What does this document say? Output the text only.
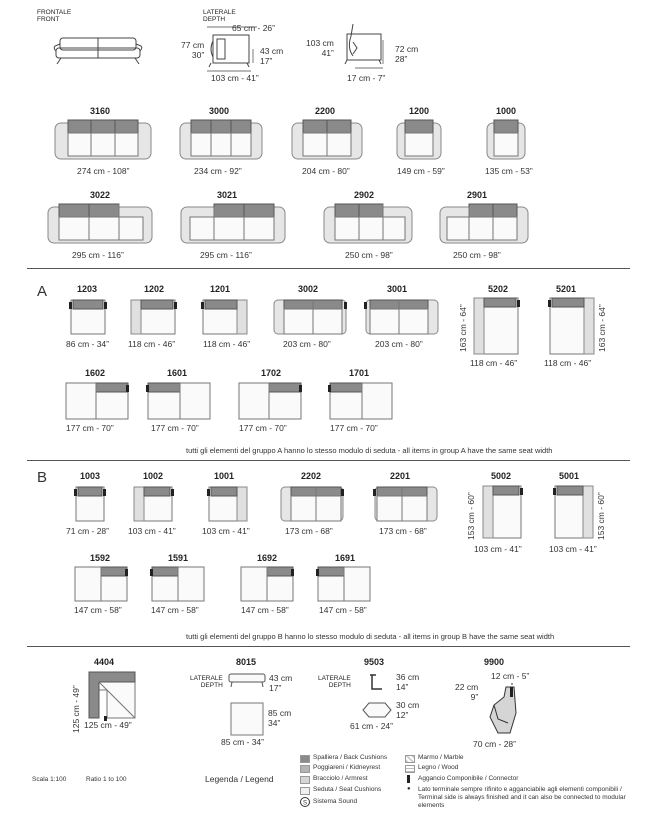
FRONTALE
FRONT
LATERALE
DEPTH
65 cm - 26”
77 cm
30”	43 cm
17”
103 cm - 41”
103 cm
41”	72 cm
28”
17 cm - 7”
3160
274 cm - 108”
3000
234 cm - 92”
2200
204 cm - 80”
1200
149 cm - 59”
1000
135 cm - 53”
3022
295 cm - 116”
3021
295 cm - 116”
2902
250 cm - 98”
2901
250 cm - 98”
A	1203
86 cm - 34”
1202
118 cm - 46”
1201
118 cm - 46”
3002
203 cm - 80”
3001
203 cm - 80”
5202
163 cm - 64”
118 cm - 46”
5201
163 cm - 64”
118 cm - 46”
1602
177 cm - 70”
1601
177 cm - 70”
1702
177 cm - 70”
1701
177 cm - 70”
tutti gli elementi del gruppo A hanno lo stesso modulo di seduta - all items in group A have the same seat width
B	1003
71 cm - 28”
1002
103 cm - 41”
1001
103 cm - 41”
2202
173 cm - 68”
2201
173 cm - 68”
5002
153 cm - 60”
103 cm - 41”
5001
153 cm - 60”
103 cm - 41”
1592
147 cm - 58”
1591
147 cm - 58”
1692
147 cm - 58”
1691
147 cm - 58”
tutti gli elementi del gruppo B hanno lo stesso modulo di seduta - all items in group B have the same seat width
4404
125 cm - 49” 125 cm - 49”
8015
LATERALE
DEPTH
43 cm
17”
85 cm
34”
85 cm - 34”
9503
LATERALE
DEPTH
36 cm
14”
30 cm
12”
61 cm - 24”
9900
12 cm - 5”
22 cm
9”
70 cm - 28”
Scala 1:100	Ratio 1 to 100	Legenda / Legend
Spalliera / Back Cushions
Poggiareni / Kidneyrest
Bracciolo / Armrest
Seduta / Seat Cushions
S Sistema Sound
Marmo / Marble
Legno / Wood
Aggancio Componibile / Connector
● Lato terminale sempre rifinito e agganciabile agli elementi componibili / Terminal side is always finished and it can also be connected to modular elements
